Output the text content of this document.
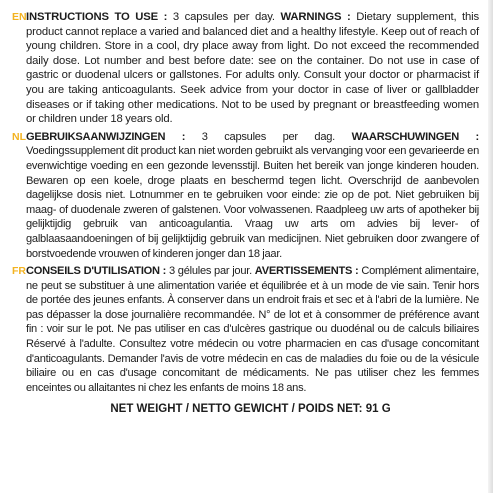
EN INSTRUCTIONS TO USE : 3 capsules per day. WARNINGS : Dietary supplement, this product cannot replace a varied and balanced diet and a healthy lifestyle. Keep out of reach of young children. Store in a cool, dry place away from light. Do not exceed the recommended daily dose. Lot number and best before date: see on the container. Do not use in case of gastric or duodenal ulcers or gallstones. For adults only. Consult your doctor or pharmacist if you are taking anticoagulants. Seek advice from your doctor in case of liver or gallbladder diseases or if taking other medications. Not to be used by pregnant or breastfeeding women or children under 18 years old.
NL GEBRUIKSAANWIJZINGEN : 3 capsules per dag. WAARSCHUWINGEN : Voedingssupplement dit product kan niet worden gebruikt als vervanging voor een gevarieerde en evenwichtige voeding en een gezonde levensstijl. Buiten het bereik van jonge kinderen houden. Bewaren op een koele, droge plaats en beschermd tegen licht. Overschrijd de aanbevolen dagelijkse dosis niet. Lotnummer en te gebruiken voor einde: zie op de pot. Niet gebruiken bij maag- of duodenale zweren of galstenen. Voor volwassenen. Raadpleeg uw arts of apotheker bij gelijktijdig gebruik van anticoagulantia. Vraag uw arts om advies bij lever- of galblaasaandoeningen of bij gelijktijdig gebruik van medicijnen. Niet gebruiken door zwangere of borstvoedende vrouwen of kinderen jonger dan 18 jaar.
FR CONSEILS D'UTILISATION : 3 gélules par jour. AVERTISSEMENTS : Complément alimentaire, ne peut se substituer à une alimentation variée et équilibrée et à un mode de vie sain. Tenir hors de portée des jeunes enfants. À conserver dans un endroit frais et sec et à l'abri de la lumière. Ne pas dépasser la dose journalière recommandée. N° de lot et à consommer de préférence avant fin : voir sur le pot. Ne pas utiliser en cas d'ulcères gastrique ou duodénal ou de calculs biliaires Réservé à l'adulte. Consultez votre médecin ou votre pharmacien en cas d'usage concomitant d'anticoagulants. Demander l'avis de votre médecin en cas de maladies du foie ou de la vésicule biliaire ou en cas d'usage concomitant de médicaments. Ne pas utiliser chez les femmes enceintes ou allaitantes ni chez les enfants de moins 18 ans.
NET WEIGHT / NETTO GEWICHT / POIDS NET: 91 G
